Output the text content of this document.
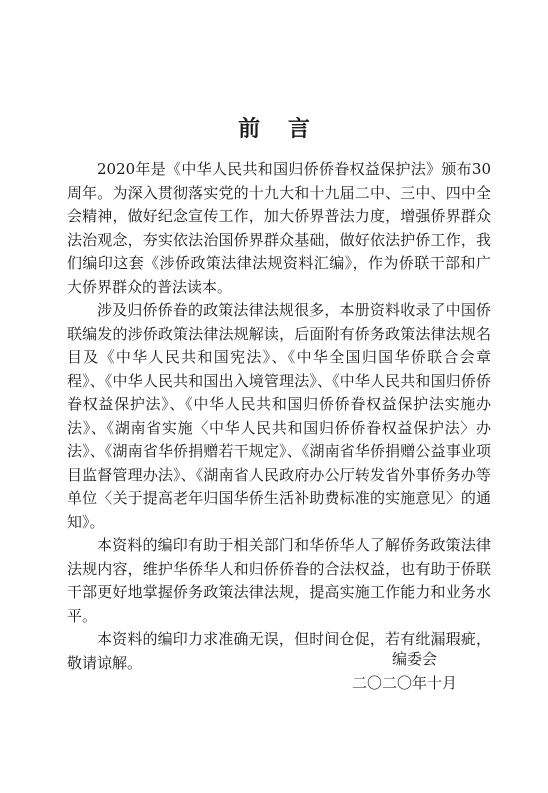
前 言

2020年是《中华人民共和国归侨侨眷权益保护法》颁布30周年。为深入贯彻落实党的十九大和十九届二中、三中、四中全会精神，做好纪念宣传工作，加大侨界普法力度，增强侨界群众法治观念，夯实依法治国侨界群众基础，做好依法护侨工作，我们编印这套《涉侨政策法律法规资料汇编》，作为侨联干部和广大侨界群众的普法读本。

涉及归侨侨眷的政策法律法规很多，本册资料收录了中国侨联编发的涉侨政策法律法规解读，后面附有侨务政策法律法规名目及《中华人民共和国宪法》、《中华全国归国华侨联合会章程》、《中华人民共和国出入境管理法》、《中华人民共和国归侨侨眷权益保护法》、《中华人民共和国归侨侨眷权益保护法实施办法》、《湖南省实施〈中华人民共和国归侨侨眷权益保护法〉办法》、《湖南省华侨捐赠若干规定》、《湖南省华侨捐赠公益事业项目监督管理办法》、《湖南省人民政府办公厅转发省外事侨务办等单位〈关于提高老年归国华侨生活补助费标准的实施意见〉的通知》。

本资料的编印有助于相关部门和华侨华人了解侨务政策法律法规内容，维护华侨华人和归侨侨眷的合法权益，也有助于侨联干部更好地掌握侨务政策法律法规，提高实施工作能力和业务水平。

本资料的编印力求准确无误，但时间仓促，若有纰漏瑕疵，敬请谅解。	编委会
二〇二〇年十月
